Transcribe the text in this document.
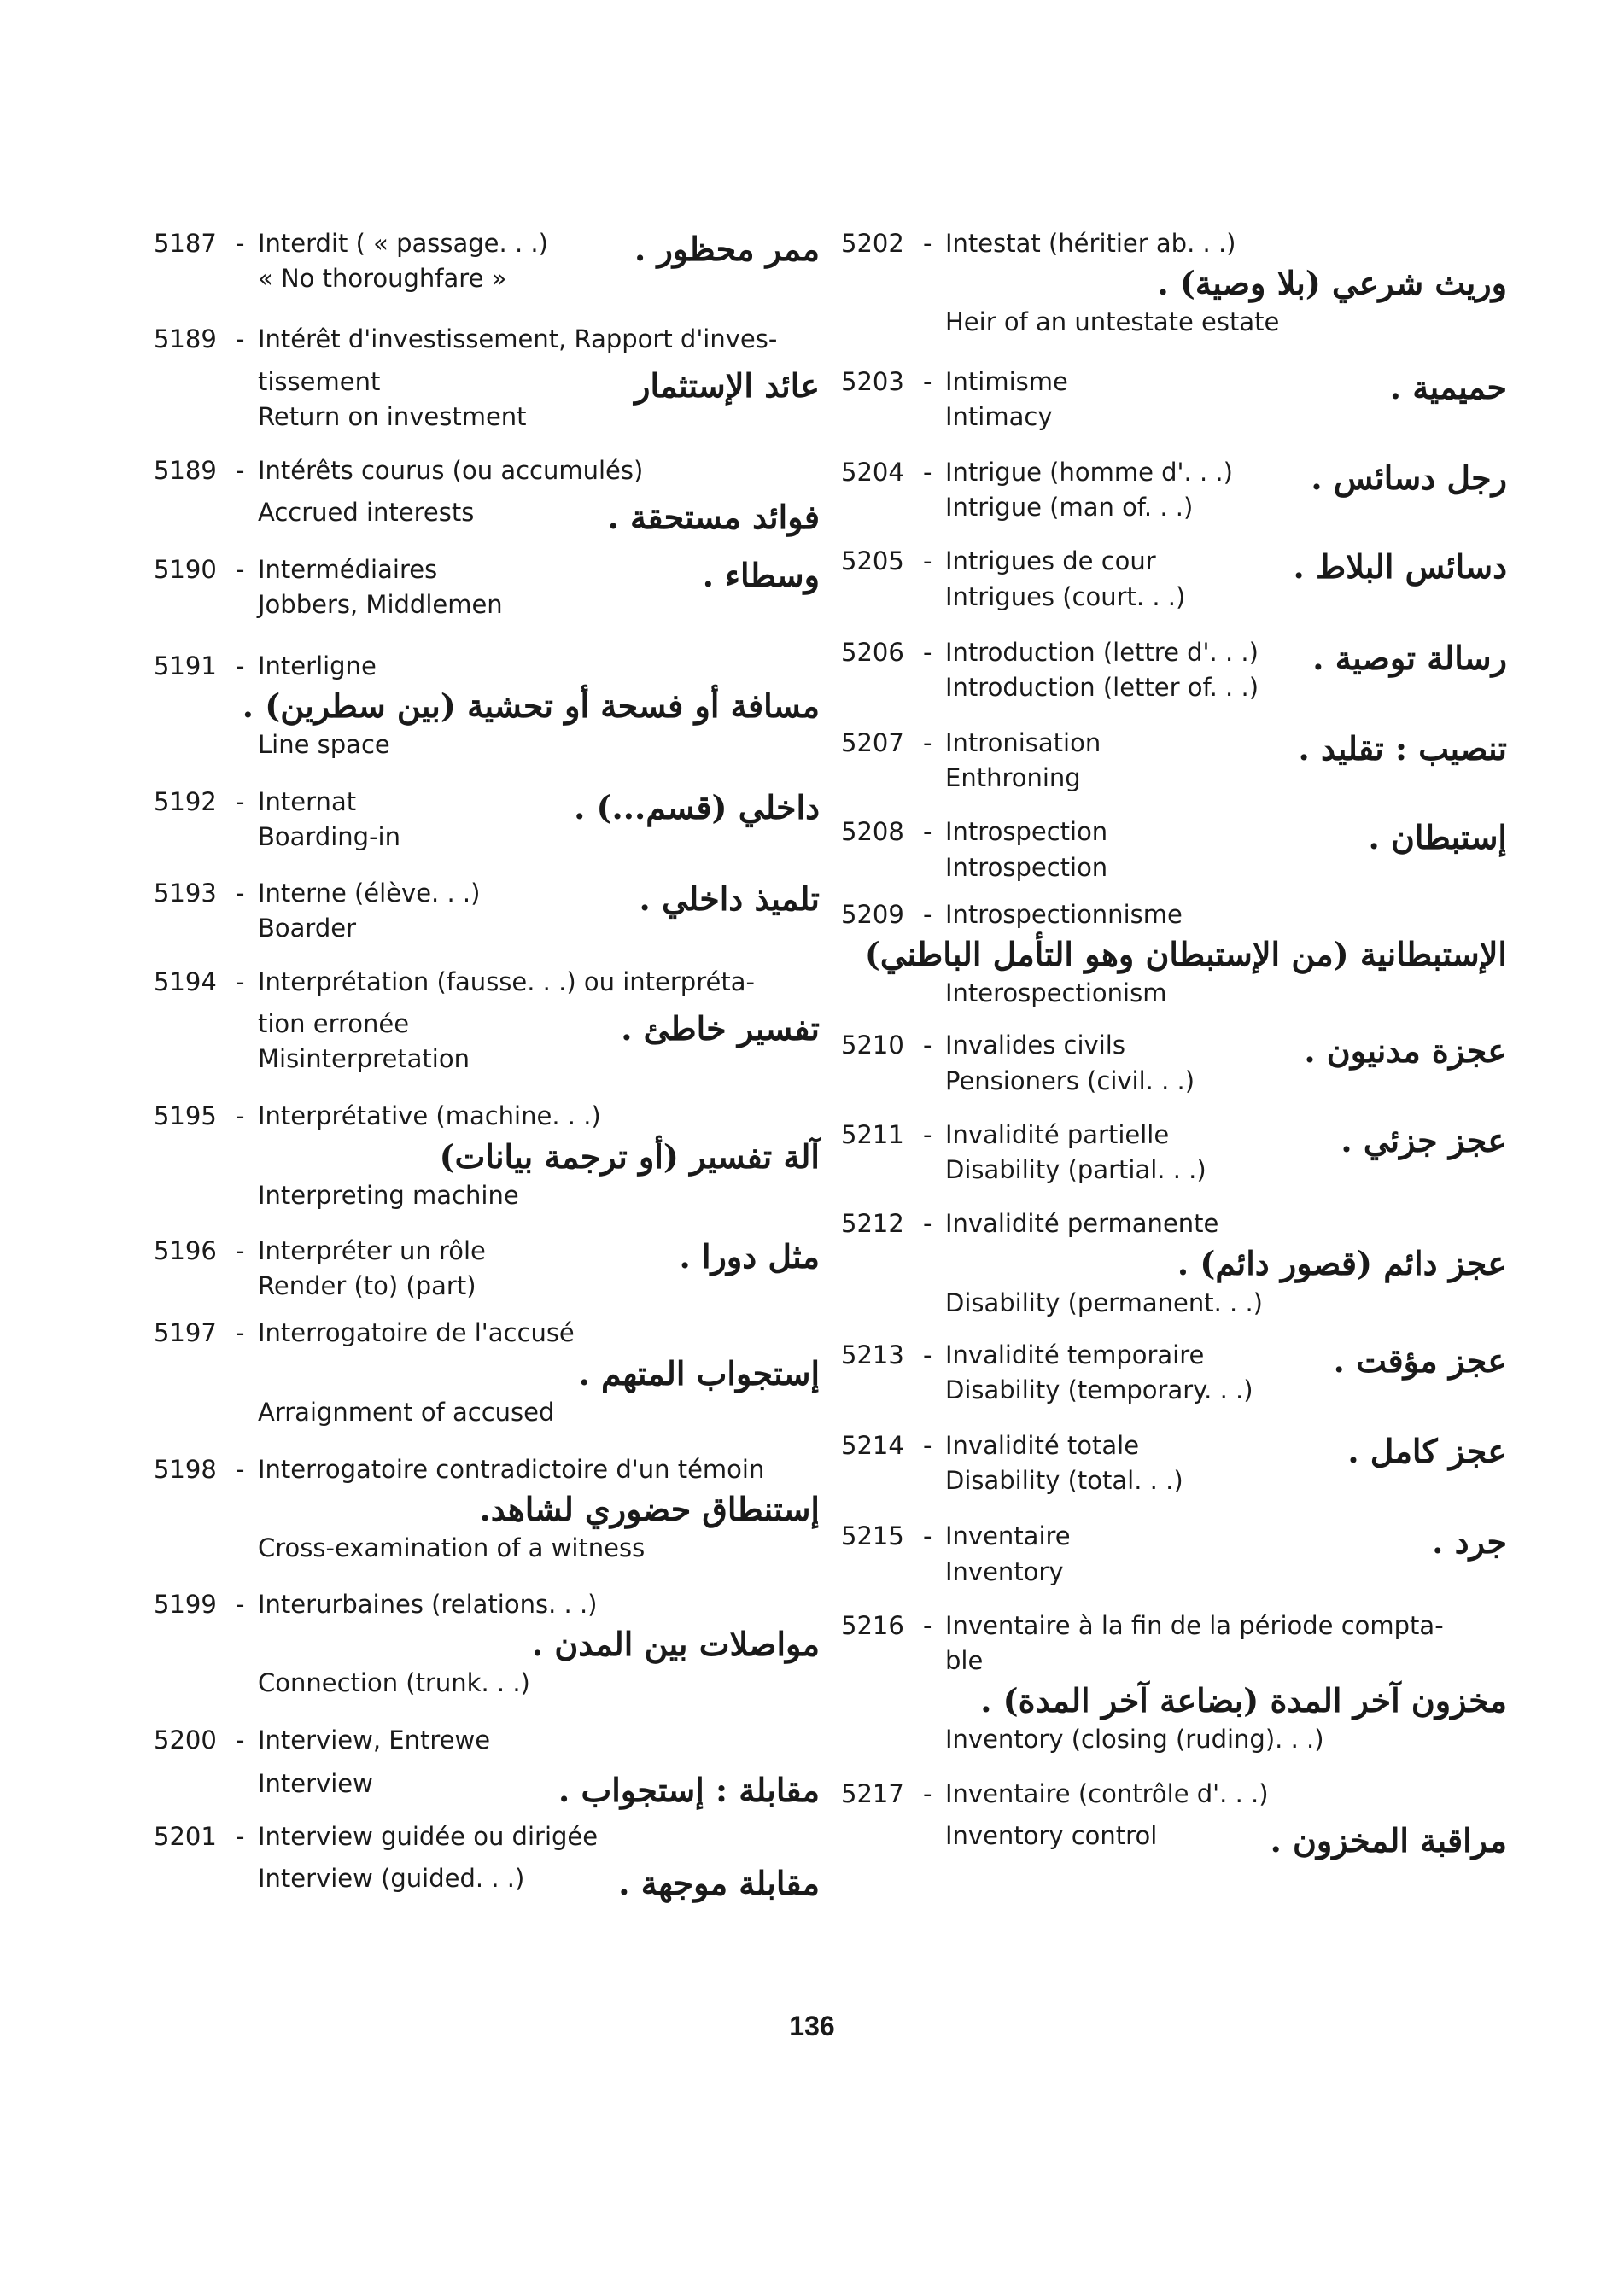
5187 - Interdit ( « passage. . .)
« No thoroughfare »
ممر محظور .
5189 - Intérêt d'investissement, Rapport d'inves-
tissement
Return on investment
عائد الإستثمار
5189 - Intérêts courus (ou accumulés)
Accrued interests	فوائد مستحقة .
5190 - Intermédiaires
Jobbers, Middlemen
وسطاء .
5191 - Interligne
مسافة أو فسحة أو تحشية (بين سطرين) .
Line space
5192 - Internat
Boarding-in
داخلي (قسم...) .
5193 - Interne (élève. . .)
Boarder
تلميذ داخلي .
5194 - Interprétation (fausse. . .) ou interpréta-
tion erronée
Misinterpretation
تفسير خاطئ .
5195 - Interprétative (machine. . .)
آلة تفسير (أو ترجمة بيانات)
Interpreting machine
5196 - Interpréter un rôle
Render (to) (part)
مثل دورا .
5197 - Interrogatoire de l'accusé
إستجواب المتهم .
Arraignment of accused
5198 - Interrogatoire contradictoire d'un témoin
إستنطاق حضوري لشاهد.
Cross-examination of a witness
5199 - Interurbaines (relations. . .)
مواصلات بين المدن .
Connection (trunk. . .)
5200 - Interview, Entrewe
Interview	مقابلة : إستجواب .
5201 - Interview guidée ou dirigée
Interview (guided. . .)	مقابلة موجهة .
5202 - Intestat (héritier ab. . .)
وريث شرعي (بلا وصية) .
Heir of an untestate estate
5203 - Intimisme
Intimacy
حميمية .
5204 - Intrigue (homme d'. . .)
Intrigue (man of. . .)
رجل دسائس .
5205 - Intrigues de cour
Intrigues (court. . .)
دسائس البلاط .
5206 - Introduction (lettre d'. . .)
Introduction (letter of. . .)
رسالة توصية .
5207 - Intronisation
Enthroning
تنصيب : تقليد .
5208 - Introspection
Introspection
إستبطان .
5209 - Introspectionnisme
الإستبطانية (من الإستبطان وهو التأمل الباطني)
Interospectionism
5210 - Invalides civils
Pensioners (civil. . .)
عجزة مدنيون .
5211 - Invalidité partielle
Disability (partial. . .)
عجز جزئي .
5212 - Invalidité permanente
عجز دائم (قصور دائم) .
Disability (permanent. . .)
5213 - Invalidité temporaire
Disability (temporary. . .)
عجز مؤقت .
5214 - Invalidité totale
Disability (total. . .)
عجز كامل .
5215 - Inventaire
Inventory
جرد .
5216 - Inventaire à la fin de la période compta-
ble
مخزون آخر المدة (بضاعة آخر المدة) .
Inventory (closing (ruding). . .)
5217 - Inventaire (contrôle d'. . .)
Inventory control	مراقبة المخزون .
136
